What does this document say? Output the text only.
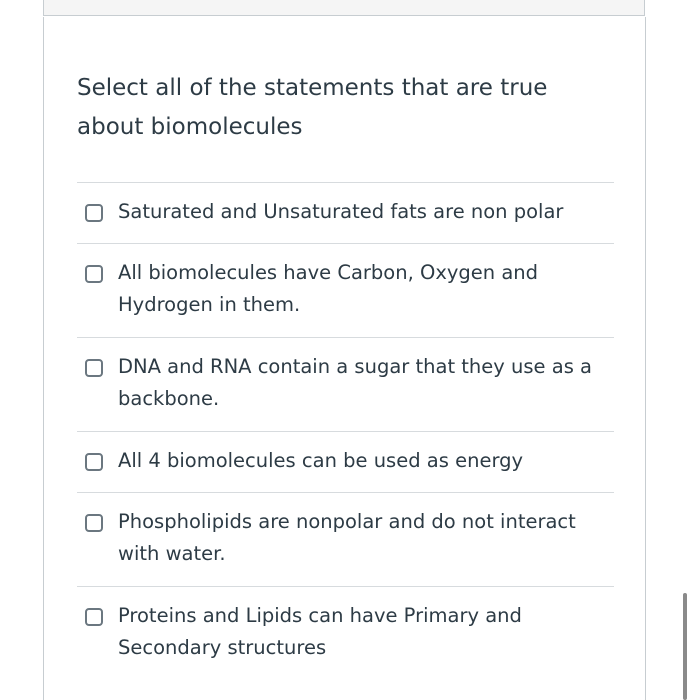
Select all of the statements that are true about biomolecules

Saturated and Unsaturated fats are non polar
All biomolecules have Carbon, Oxygen and Hydrogen in them.
DNA and RNA contain a sugar that they use as a backbone.
All 4 biomolecules can be used as energy
Phospholipids are nonpolar and do not interact with water.
Proteins and Lipids can have Primary and Secondary structures
